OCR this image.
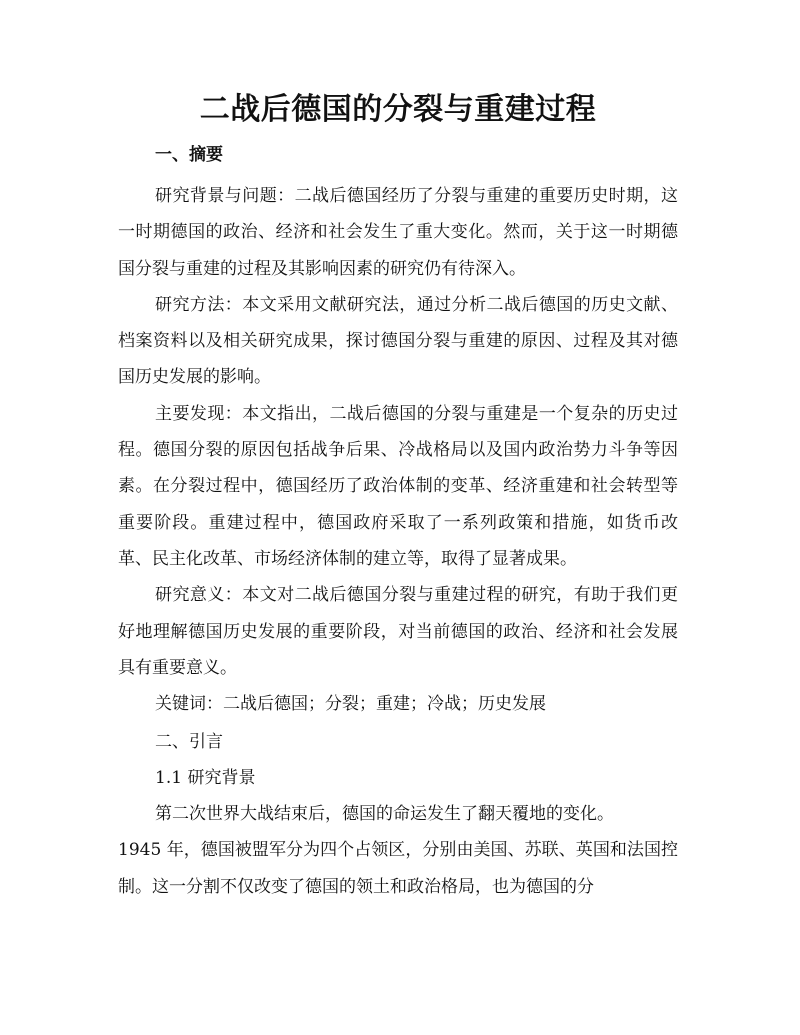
二战后德国的分裂与重建过程
一、摘要

研究背景与问题：二战后德国经历了分裂与重建的重要历史时期，这一时期德国的政治、经济和社会发生了重大变化。然而，关于这一时期德国分裂与重建的过程及其影响因素的研究仍有待深入。

研究方法：本文采用文献研究法，通过分析二战后德国的历史文献、档案资料以及相关研究成果，探讨德国分裂与重建的原因、过程及其对德国历史发展的影响。

主要发现：本文指出，二战后德国的分裂与重建是一个复杂的历史过程。德国分裂的原因包括战争后果、冷战格局以及国内政治势力斗争等因素。在分裂过程中，德国经历了政治体制的变革、经济重建和社会转型等重要阶段。重建过程中，德国政府采取了一系列政策和措施，如货币改革、民主化改革、市场经济体制的建立等，取得了显著成果。

研究意义：本文对二战后德国分裂与重建过程的研究，有助于我们更好地理解德国历史发展的重要阶段，对当前德国的政治、经济和社会发展具有重要意义。

关键词：二战后德国；分裂；重建；冷战；历史发展
二、引言
1.1 研究背景

第二次世界大战结束后，德国的命运发生了翻天覆地的变化。

1945 年，德国被盟军分为四个占领区，分别由美国、苏联、英国和法国控制。这一分割不仅改变了德国的领土和政治格局，也为德国的分
